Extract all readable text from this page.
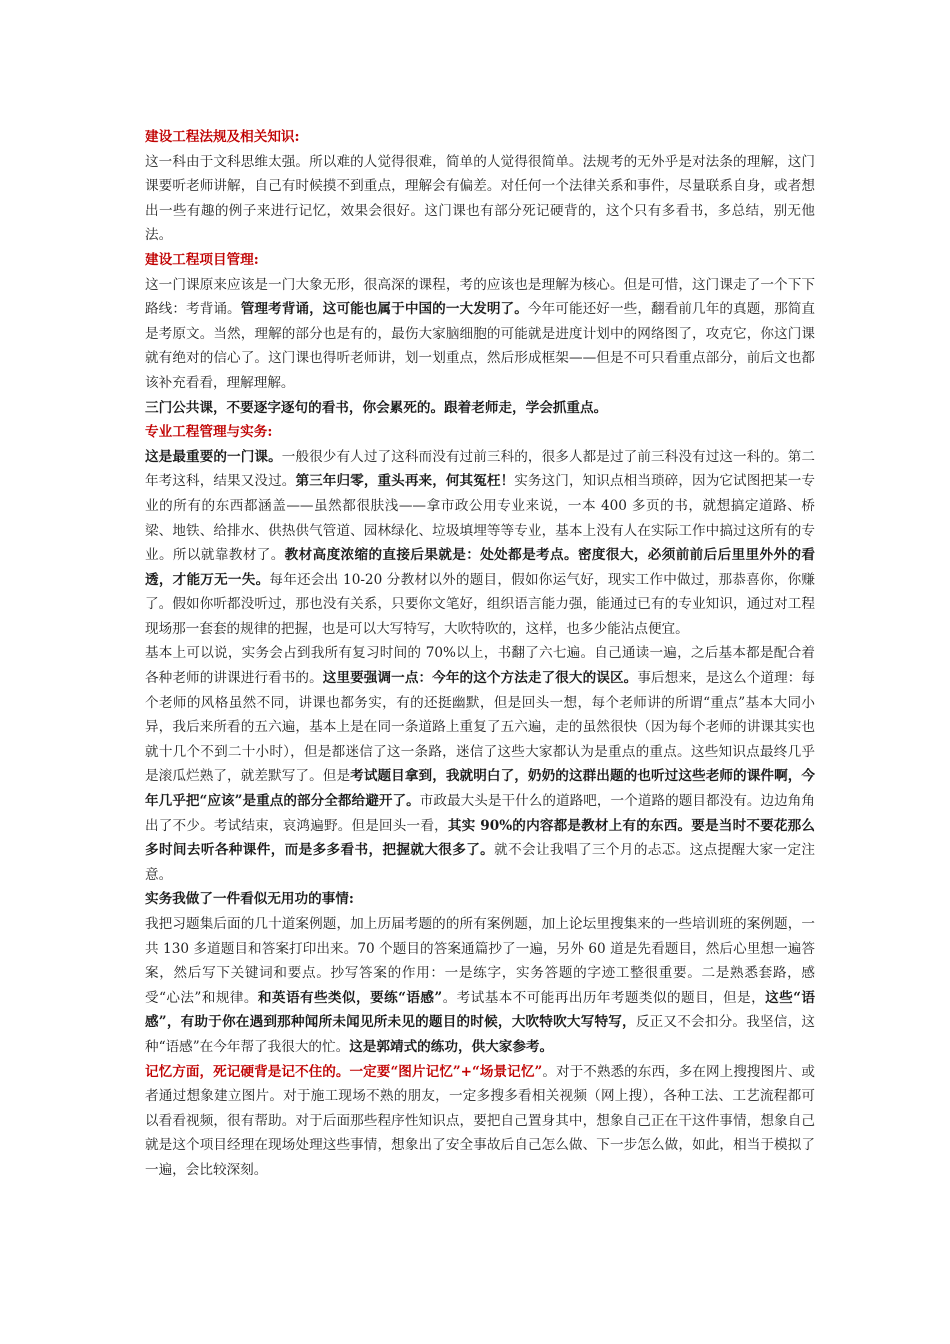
建设工程法规及相关知识:

这一科由于文科思维太强。所以难的人觉得很难，简单的人觉得很简单。法规考的无外乎是对法条的理解，这门课要听老师讲解，自己有时候摸不到重点，理解会有偏差。对任何一个法律关系和事件，尽量联系自身，或者想出一些有趣的例子来进行记忆，效果会很好。这门课也有部分死记硬背的，这个只有多看书，多总结，别无他法。

建设工程项目管理:

这一门课原来应该是一门大象无形，很高深的课程，考的应该也是理解为核心。但是可惜，这门课走了一个下下路线：考背诵。管理考背诵，这可能也属于中国的一大发明了。今年可能还好一些，翻看前几年的真题，那简直是考原文。当然，理解的部分也是有的，最伤大家脑细胞的可能就是进度计划中的网络图了，攻克它，你这门课就有绝对的信心了。这门课也得听老师讲，划一划重点，然后形成框架——但是不可只看重点部分，前后文也都该补充看看，理解理解。

三门公共课，不要逐字逐句的看书，你会累死的。跟着老师走，学会抓重点。

专业工程管理与实务:

这是最重要的一门课。一般很少有人过了这科而没有过前三科的，很多人都是过了前三科没有过这一科的。第二年考这科，结果又没过。第三年归零，重头再来，何其冤枉！实务这门，知识点相当琐碎，因为它试图把某一专业的所有的东西都涵盖——虽然都很肤浅——拿市政公用专业来说，一本 400 多页的书，就想搞定道路、桥梁、地铁、给排水、供热供气管道、园林绿化、垃圾填埋等等专业，基本上没有人在实际工作中搞过这所有的专业。所以就靠教材了。教材高度浓缩的直接后果就是：处处都是考点。密度很大，必须前前后后里里外外的看透，才能万无一失。每年还会出 10-20 分教材以外的题目，假如你运气好，现实工作中做过，那恭喜你，你赚了。假如你听都没听过，那也没有关系，只要你文笔好，组织语言能力强，能通过已有的专业知识，通过对工程现场那一套套的规律的把握，也是可以大写特写，大吹特吹的，这样，也多少能沾点便宜。

基本上可以说，实务会占到我所有复习时间的 70%以上，书翻了六七遍。自己通读一遍，之后基本都是配合着各种老师的讲课进行看书的。这里要强调一点：今年的这个方法走了很大的误区。事后想来，是这么个道理：每个老师的风格虽然不同，讲课也都务实，有的还挺幽默，但是回头一想，每个老师讲的所谓“重点”基本大同小异，我后来所看的五六遍，基本上是在同一条道路上重复了五六遍，走的虽然很快（因为每个老师的讲课其实也就十几个不到二十小时），但是都迷信了这一条路，迷信了这些大家都认为是重点的重点。这些知识点最终几乎是滚瓜烂熟了，就差默写了。但是考试题目拿到，我就明白了，奶奶的这群出题的也听过这些老师的课件啊，今年几乎把“应该”是重点的部分全都给避开了。市政最大头是干什么的道路吧，一个道路的题目都没有。边边角角出了不少。考试结束，哀鸿遍野。但是回头一看，其实 90%的内容都是教材上有的东西。要是当时不要花那么多时间去听各种课件，而是多多看书，把握就大很多了。就不会让我唱了三个月的忐忑。这点提醒大家一定注意。

实务我做了一件看似无用功的事情:

我把习题集后面的几十道案例题，加上历届考题的的所有案例题，加上论坛里搜集来的一些培训班的案例题，一共 130 多道题目和答案打印出来。70 个题目的答案通篇抄了一遍，另外 60 道是先看题目，然后心里想一遍答案，然后写下关键词和要点。抄写答案的作用：一是练字，实务答题的字迹工整很重要。二是熟悉套路，感受“心法”和规律。和英语有些类似，要练“语感”。考试基本不可能再出历年考题类似的题目，但是，这些“语感”，有助于你在遇到那种闻所未闻见所未见的题目的时候，大吹特吹大写特写，反正又不会扣分。我坚信，这种“语感”在今年帮了我很大的忙。这是郭靖式的练功，供大家参考。

记忆方面，死记硬背是记不住的。一定要“图片记忆”+“场景记忆”。对于不熟悉的东西，多在网上搜搜图片、或者通过想象建立图片。对于施工现场不熟的朋友，一定多搜多看相关视频（网上搜），各种工法、工艺流程都可以看看视频，很有帮助。对于后面那些程序性知识点，要把自己置身其中，想象自己正在干这件事情，想象自己就是这个项目经理在现场处理这些事情，想象出了安全事故后自己怎么做、下一步怎么做，如此，相当于模拟了一遍，会比较深刻。
